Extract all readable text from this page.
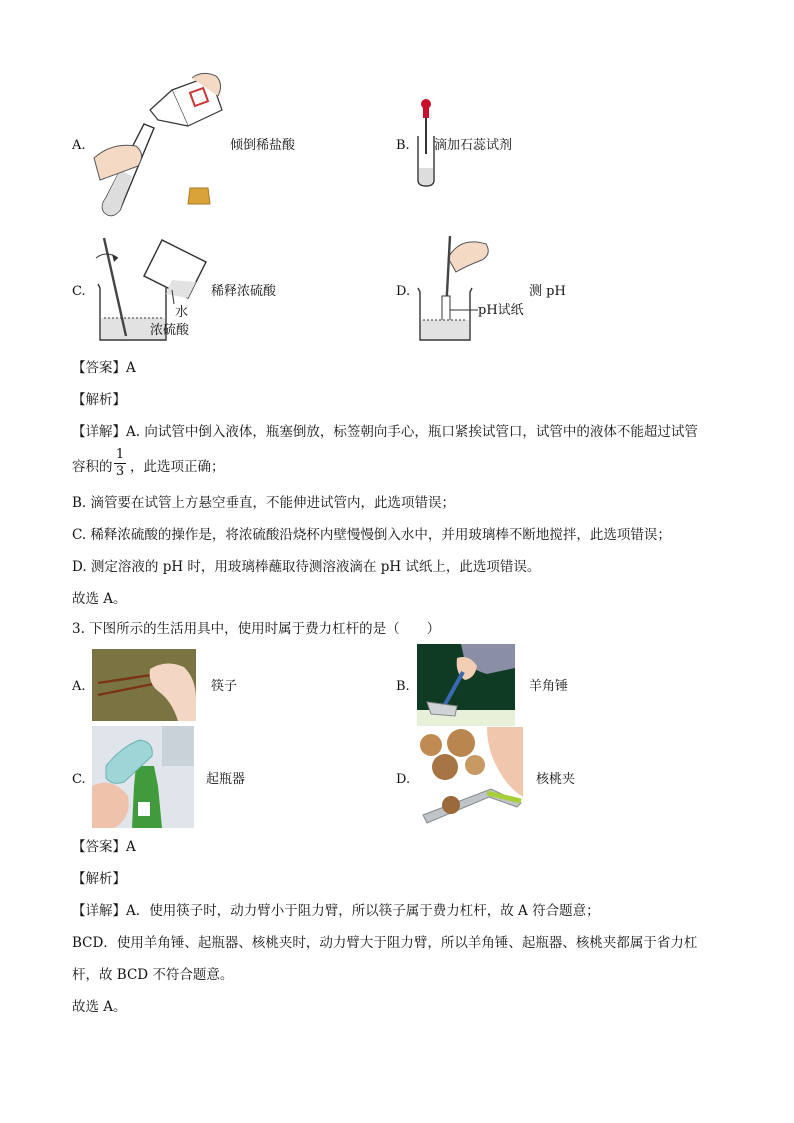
A.	倾倒稀盐酸	B. 滴加石蕊试剂
C.	稀释浓硫酸
水
浓硫酸
D.	测 pH
pH试纸
【答案】A
【解析】
【详解】A. 向试管中倒入液体，瓶塞倒放，标签朝向手心，瓶口紧挨试管口，试管中的液体不能超过试管
容积的
1
3 ，此选项正确；
B. 滴管要在试管上方悬空垂直，不能伸进试管内，此选项错误；
C. 稀释浓硫酸的操作是，将浓硫酸沿烧杯内壁慢慢倒入水中，并用玻璃棒不断地搅拌，此选项错误；
D. 测定溶液的 pH 时，用玻璃棒蘸取待测溶液滴在 pH 试纸上，此选项错误。
故选 A。
3. 下图所示的生活用具中，使用时属于费力杠杆的是（　　）
A.	筷子	B.	羊角锤
C.	起瓶器	D.	核桃夹
【答案】A
【解析】
【详解】A．使用筷子时，动力臂小于阻力臂，所以筷子属于费力杠杆，故 A 符合题意；
BCD．使用羊角锤、起瓶器、核桃夹时，动力臂大于阻力臂，所以羊角锤、起瓶器、核桃夹都属于省力杠
杆，故 BCD 不符合题意。
故选 A。
